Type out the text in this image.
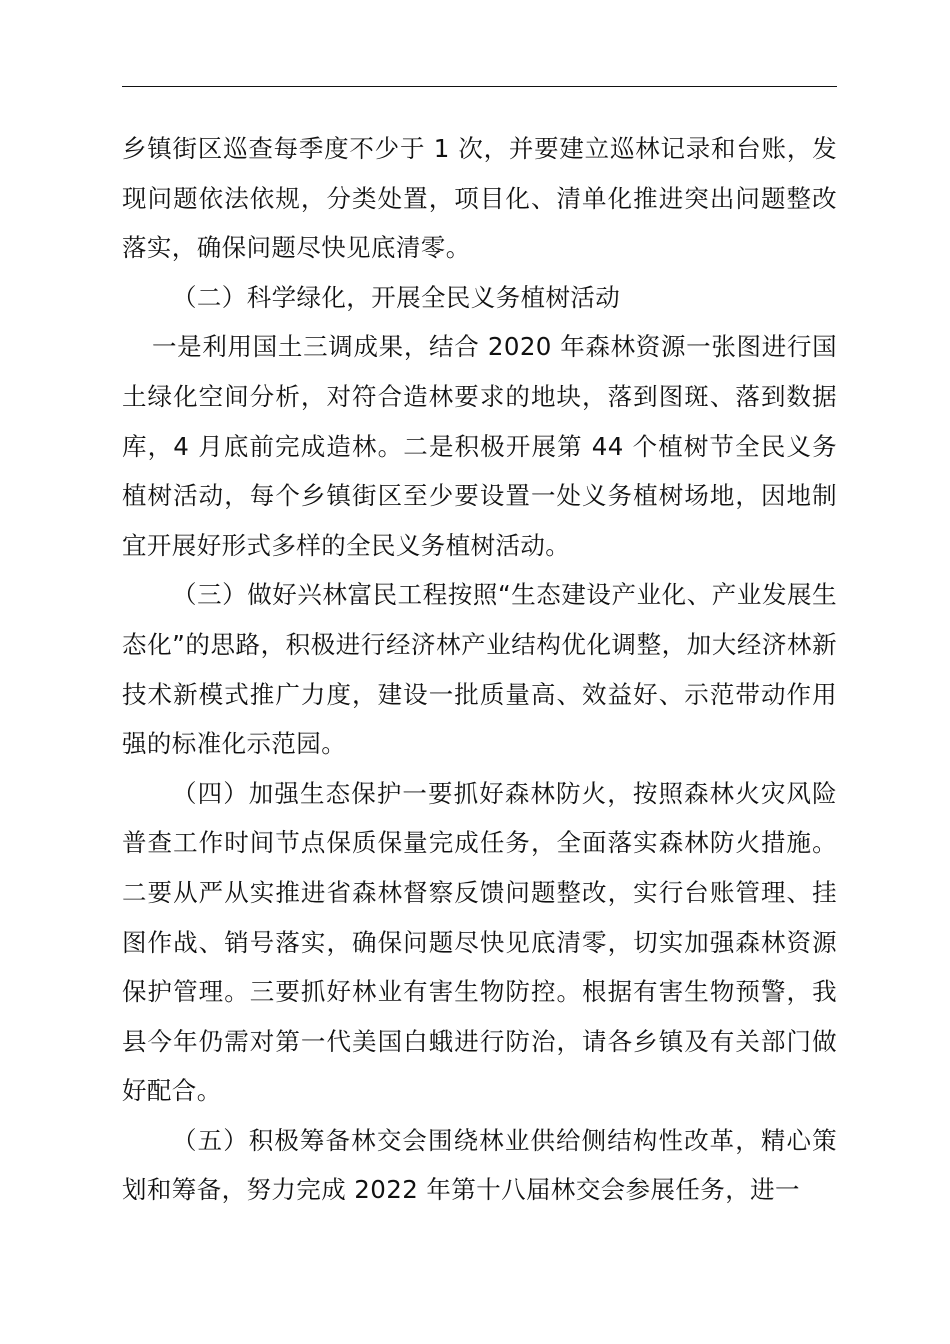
乡镇街区巡查每季度不少于 1 次，并要建立巡林记录和台账，发现问题依法依规，分类处置，项目化、清单化推进突出问题整改落实，确保问题尽快见底清零。

（二）科学绿化，开展全民义务植树活动

一是利用国土三调成果，结合 2020 年森林资源一张图进行国土绿化空间分析，对符合造林要求的地块，落到图斑、落到数据库，4 月底前完成造林。二是积极开展第 44 个植树节全民义务植树活动，每个乡镇街区至少要设置一处义务植树场地，因地制宜开展好形式多样的全民义务植树活动。

（三）做好兴林富民工程按照“生态建设产业化、产业发展生态化”的思路，积极进行经济林产业结构优化调整，加大经济林新技术新模式推广力度，建设一批质量高、效益好、示范带动作用强的标准化示范园。

（四）加强生态保护一要抓好森林防火，按照森林火灾风险普查工作时间节点保质保量完成任务，全面落实森林防火措施。二要从严从实推进省森林督察反馈问题整改，实行台账管理、挂图作战、销号落实，确保问题尽快见底清零，切实加强森林资源保护管理。三要抓好林业有害生物防控。根据有害生物预警，我县今年仍需对第一代美国白蛾进行防治，请各乡镇及有关部门做好配合。

（五）积极筹备林交会围绕林业供给侧结构性改革，精心策划和筹备，努力完成 2022 年第十八届林交会参展任务，进一
